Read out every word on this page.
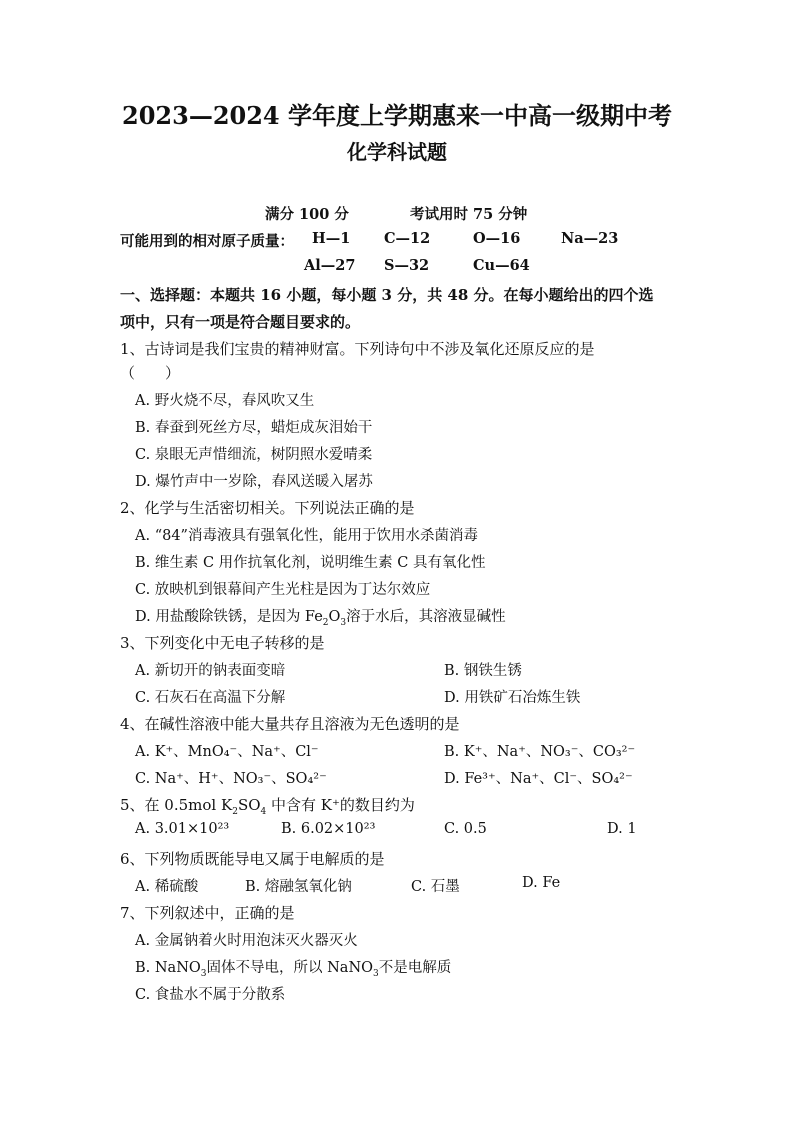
2023—2024 学年度上学期惠来一中高一级期中考
化学科试题
满分 100 分	考试用时 75 分钟
可能用到的相对原子质量： H—1 C—12	O—16	Na—23
Al—27 S—32	Cu—64
一、选择题：本题共 16 小题，每小题 3 分，共 48 分。在每小题给出的四个选
项中，只有一项是符合题目要求的。
1、古诗词是我们宝贵的精神财富。下列诗句中不涉及氧化还原反应的是
（　　）
A. 野火烧不尽，春风吹又生
B. 春蚕到死丝方尽，蜡炬成灰泪始干
C. 泉眼无声惜细流，树阴照水爱晴柔
D. 爆竹声中一岁除，春风送暖入屠苏
2、化学与生活密切相关。下列说法正确的是
A. “84”消毒液具有强氧化性，能用于饮用水杀菌消毒
B. 维生素 C 用作抗氧化剂，说明维生素 C 具有氧化性
C. 放映机到银幕间产生光柱是因为丁达尔效应
D. 用盐酸除铁锈，是因为 $Fe_2O_3$溶于水后，其溶液显碱性
3、下列变化中无电子转移的是
A. 新切开的钠表面变暗	B. 钢铁生锈
C. 石灰石在高温下分解	D. 用铁矿石冶炼生铁
4、在碱性溶液中能大量共存且溶液为无色透明的是
A. K⁺、MnO₄⁻、Na⁺、Cl⁻	B. K⁺、Na⁺、NO₃⁻、CO₃²⁻
C. Na⁺、H⁺、NO₃⁻、SO₄²⁻	D. Fe³⁺、Na⁺、Cl⁻、SO₄²⁻
5、在 0.5mol $K_2SO_4$ 中含有 K⁺的数目约为
A. 3.01×10²³	B. 6.02×10²³	C. 0.5	D. 1
6、下列物质既能导电又属于电解质的是
A. 稀硫酸	B. 熔融氢氧化钠	C. 石墨	D. Fe
7、下列叙述中，正确的是
A. 金属钠着火时用泡沫灭火器灭火
B. NaNO$_3$固体不导电，所以 NaNO$_3$不是电解质
C. 食盐水不属于分散系
